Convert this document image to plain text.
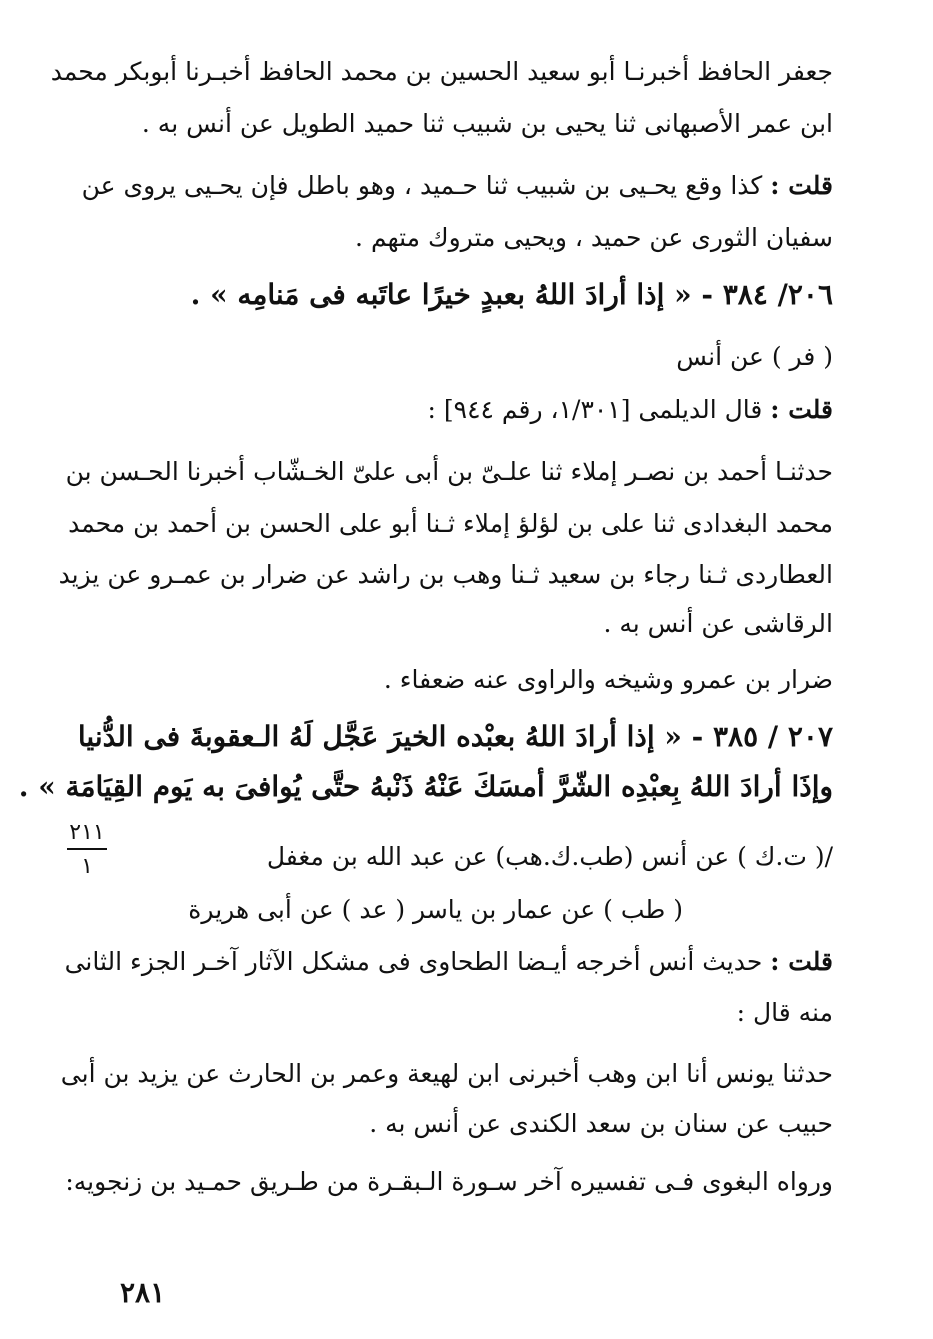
جعفر الحافظ أخبرنـا أبو سعيد الحسين بن محمد الحافظ أخبـرنا أبوبكر محمد
ابن عمر الأصبهانى ثنا يحيى بن شبيب ثنا حميد الطويل عن أنس به .
قلت : كذا وقع يحـيى بن شبيب ثنا حـميد ، وهو باطل فإن يحـيى يروى عن
سفيان الثورى عن حميد ، ويحيى متروك متهم .
٢٠٦/ ٣٨٤ - « إذا أرادَ اللهُ بعبدٍ خيرًا عاتَبه فى مَنامِه » .
( فر ) عن أنس
قلت : قال الديلمى [١/٣٠١، رقم ٩٤٤] :
حدثنـا أحمد بن نصـر إملاء ثنا علـىّ بن أبى علىّ الخـشّاب أخبرنا الحـسن بن
محمد البغدادى ثنا على بن لؤلؤ إملاء ثـنا أبو على الحسن بن أحمد بن محمد
العطاردى ثـنا رجاء بن سعيد ثـنا وهب بن راشد عن ضرار بن عمـرو عن يزيد
الرقاشى عن أنس به .
ضرار بن عمرو وشيخه والراوى عنه ضعفاء .
٢٠٧ / ٣٨٥ - « إذا أرادَ اللهُ بعبْده الخيرَ عَجَّل لَهُ الـعقوبةَ فى الدُّنيا
وإذَا أرادَ اللهُ بِعبْدِه الشّرَّ أمسَكَ عَنْهُ ذَنْبهُ حتَّى يُوافىَ به يَوم القِيَامَة » .
/( ت.ك ) عن أنس (طب.ك.هب) عن عبد الله بن مغفل
( طب ) عن عمار بن ياسر ( عد ) عن أبى هريرة
قلت : حديث أنس أخرجه أيـضا الطحاوى فى مشكل الآثار آخـر الجزء الثانى
منه قال :
حدثنا يونس أنا ابن وهب أخبرنى ابن لهيعة وعمر بن الحارث عن يزيد بن أبى
حبيب عن سنان بن سعد الكندى عن أنس به .
ورواه البغوى فـى تفسيره آخر سـورة الـبقـرة من طـريق حمـيد بن زنجويه:
٢١١
١
٢٨١
